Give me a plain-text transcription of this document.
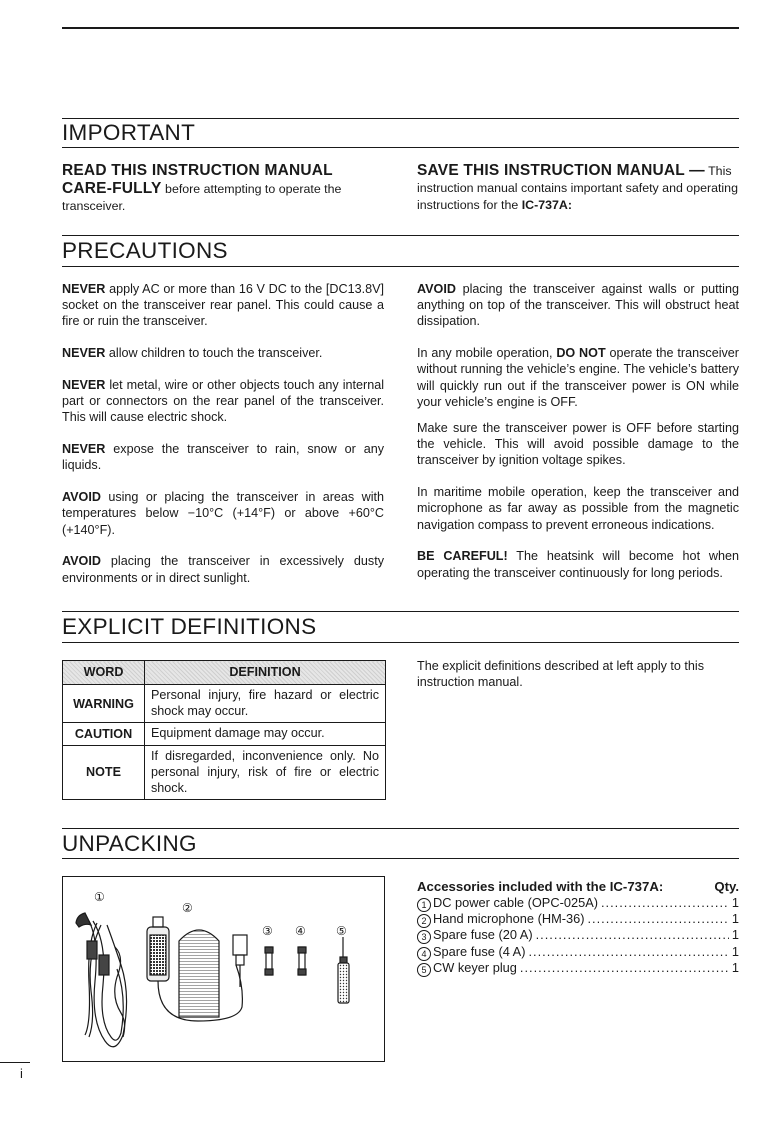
IMPORTANT
READ THIS INSTRUCTION MANUAL CARE-FULLY before attempting to operate the transceiver.
SAVE THIS INSTRUCTION MANUAL — This instruction manual contains important safety and operating instructions for the IC-737A:
PRECAUTIONS

NEVER apply AC or more than 16 V DC to the [DC13.8V] socket on the transceiver rear panel. This could cause a fire or ruin the transceiver.

NEVER allow children to touch the transceiver.

NEVER let metal, wire or other objects touch any internal part or connectors on the rear panel of the transceiver. This will cause electric shock.

NEVER expose the transceiver to rain, snow or any liquids.

AVOID using or placing the transceiver in areas with temperatures below −10°C (+14°F) or above +60°C (+140°F).

AVOID placing the transceiver in excessively dusty environments or in direct sunlight.

AVOID placing the transceiver against walls or putting anything on top of the transceiver. This will obstruct heat dissipation.

In any mobile operation, DO NOT operate the transceiver without running the vehicle’s engine. The vehicle’s battery will quickly run out if the transceiver power is ON while your vehicle’s engine is OFF.

Make sure the transceiver power is OFF before starting the vehicle. This will avoid possible damage to the transceiver by ignition voltage spikes.

In maritime mobile operation, keep the transceiver and microphone as far away as possible from the magnetic navigation compass to prevent erroneous indications.

BE CAREFUL! The heatsink will become hot when operating the transceiver continuously for long periods.

EXPLICIT DEFINITIONS
WORD	DEFINITION
WARNING	Personal injury, fire hazard or electric shock may occur.
CAUTION	Equipment damage may occur.
NOTE	If disregarded, inconvenience only. No personal injury, risk of fire or electric shock.
The explicit definitions described at left apply to this instruction manual.
UNPACKING
①
②
③ ④	⑤
Accessories included with the IC-737A:	Qty.
1 DC power cable (OPC-025A) .....	1
2 Hand microphone (HM-36) .....	1
3 Spare fuse (20 A) .....	1
4 Spare fuse (4 A) .....	1
5 CW keyer plug .....	1
i
